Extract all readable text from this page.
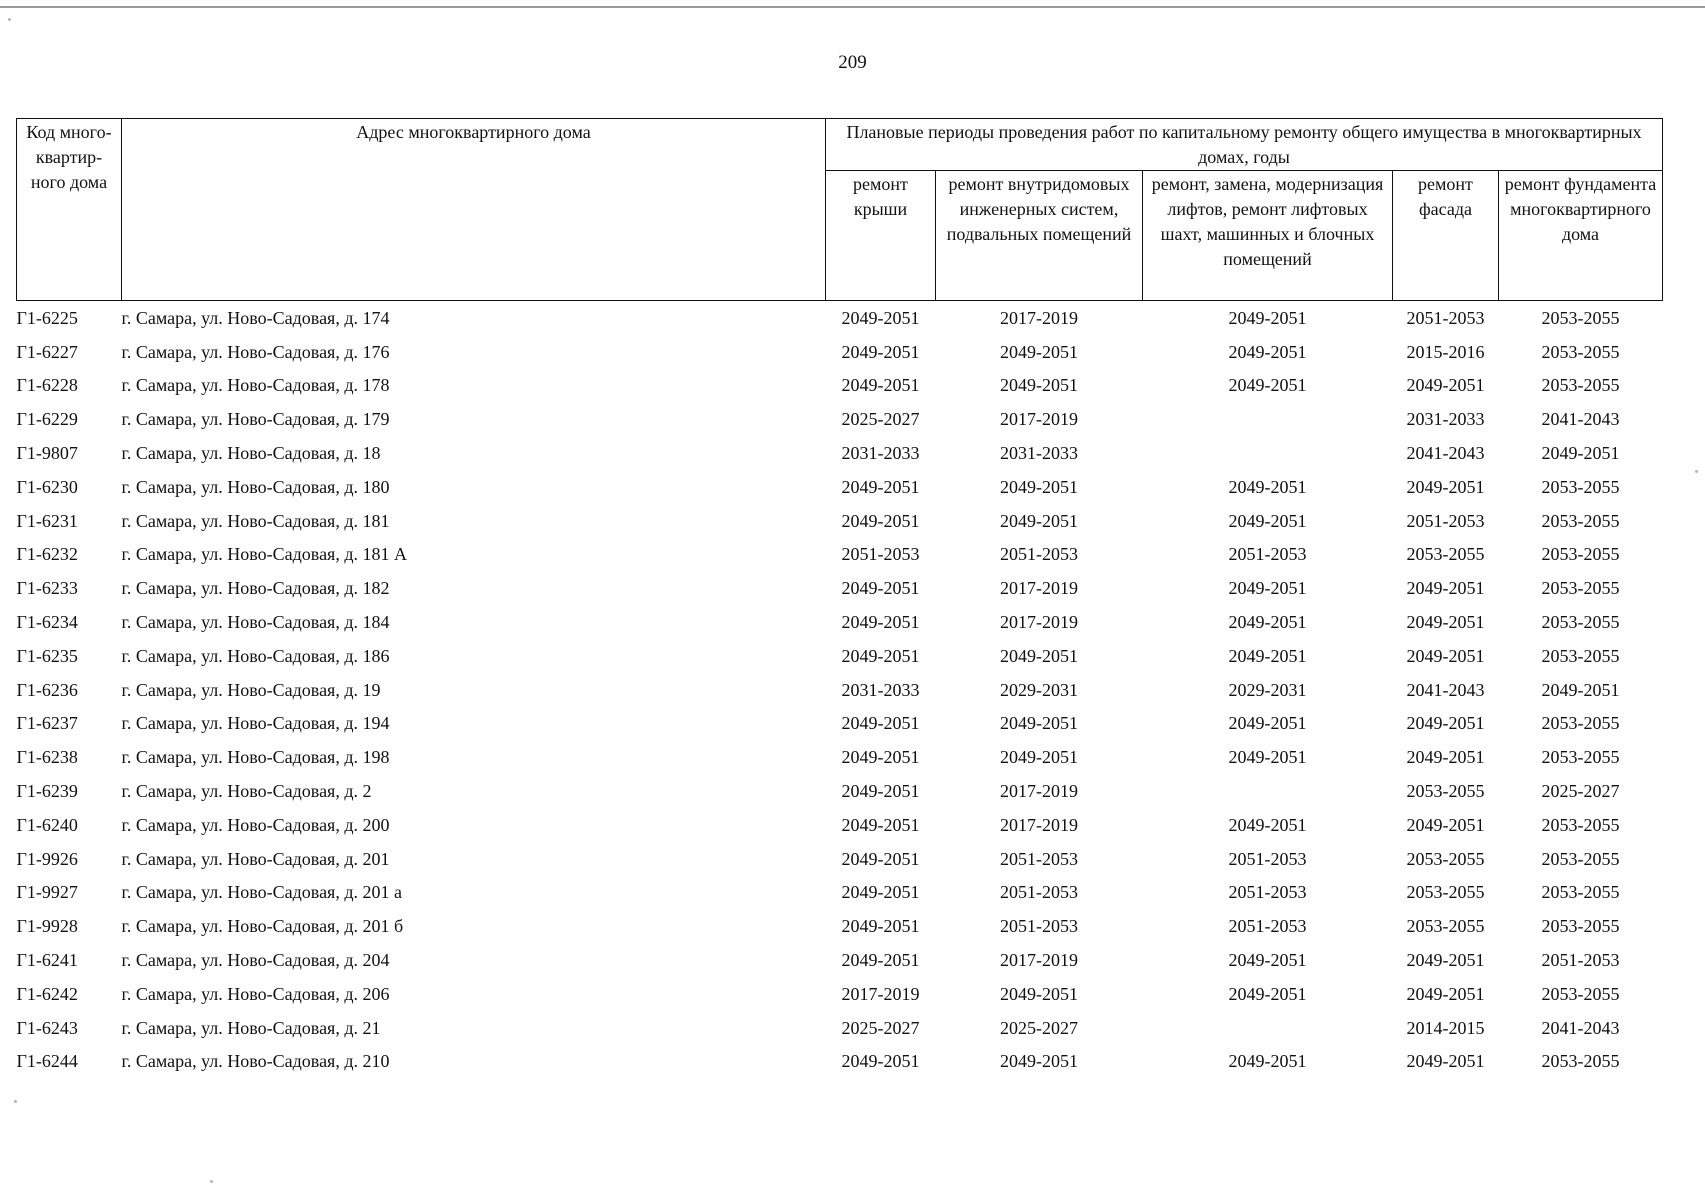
209
Код много-квартир-ного дома	Адрес многоквартирного дома	Плановые периоды проведения работ по капитальному ремонту общего имущества в многоквартирных домах, годы				
		ремонт крыши	ремонт внутридомовых инженерных систем, подвальных помещений	ремонт, замена, модернизация лифтов, ремонт лифтовых шахт, машинных и блочных помещений	ремонт фасада	ремонт фундамента многоквартирного дома
Г1-6225	г. Самара, ул. Ново-Садовая, д. 174	2049-2051	2017-2019	2049-2051	2051-2053	2053-2055
Г1-6227	г. Самара, ул. Ново-Садовая, д. 176	2049-2051	2049-2051	2049-2051	2015-2016	2053-2055
Г1-6228	г. Самара, ул. Ново-Садовая, д. 178	2049-2051	2049-2051	2049-2051	2049-2051	2053-2055
Г1-6229	г. Самара, ул. Ново-Садовая, д. 179	2025-2027	2017-2019		2031-2033	2041-2043
Г1-9807	г. Самара, ул. Ново-Садовая, д. 18	2031-2033	2031-2033		2041-2043	2049-2051
Г1-6230	г. Самара, ул. Ново-Садовая, д. 180	2049-2051	2049-2051	2049-2051	2049-2051	2053-2055
Г1-6231	г. Самара, ул. Ново-Садовая, д. 181	2049-2051	2049-2051	2049-2051	2051-2053	2053-2055
Г1-6232	г. Самара, ул. Ново-Садовая, д. 181 А	2051-2053	2051-2053	2051-2053	2053-2055	2053-2055
Г1-6233	г. Самара, ул. Ново-Садовая, д. 182	2049-2051	2017-2019	2049-2051	2049-2051	2053-2055
Г1-6234	г. Самара, ул. Ново-Садовая, д. 184	2049-2051	2017-2019	2049-2051	2049-2051	2053-2055
Г1-6235	г. Самара, ул. Ново-Садовая, д. 186	2049-2051	2049-2051	2049-2051	2049-2051	2053-2055
Г1-6236	г. Самара, ул. Ново-Садовая, д. 19	2031-2033	2029-2031	2029-2031	2041-2043	2049-2051
Г1-6237	г. Самара, ул. Ново-Садовая, д. 194	2049-2051	2049-2051	2049-2051	2049-2051	2053-2055
Г1-6238	г. Самара, ул. Ново-Садовая, д. 198	2049-2051	2049-2051	2049-2051	2049-2051	2053-2055
Г1-6239	г. Самара, ул. Ново-Садовая, д. 2	2049-2051	2017-2019		2053-2055	2025-2027
Г1-6240	г. Самара, ул. Ново-Садовая, д. 200	2049-2051	2017-2019	2049-2051	2049-2051	2053-2055
Г1-9926	г. Самара, ул. Ново-Садовая, д. 201	2049-2051	2051-2053	2051-2053	2053-2055	2053-2055
Г1-9927	г. Самара, ул. Ново-Садовая, д. 201 а	2049-2051	2051-2053	2051-2053	2053-2055	2053-2055
Г1-9928	г. Самара, ул. Ново-Садовая, д. 201 б	2049-2051	2051-2053	2051-2053	2053-2055	2053-2055
Г1-6241	г. Самара, ул. Ново-Садовая, д. 204	2049-2051	2017-2019	2049-2051	2049-2051	2051-2053
Г1-6242	г. Самара, ул. Ново-Садовая, д. 206	2017-2019	2049-2051	2049-2051	2049-2051	2053-2055
Г1-6243	г. Самара, ул. Ново-Садовая, д. 21	2025-2027	2025-2027		2014-2015	2041-2043
Г1-6244	г. Самара, ул. Ново-Садовая, д. 210	2049-2051	2049-2051	2049-2051	2049-2051	2053-2055
